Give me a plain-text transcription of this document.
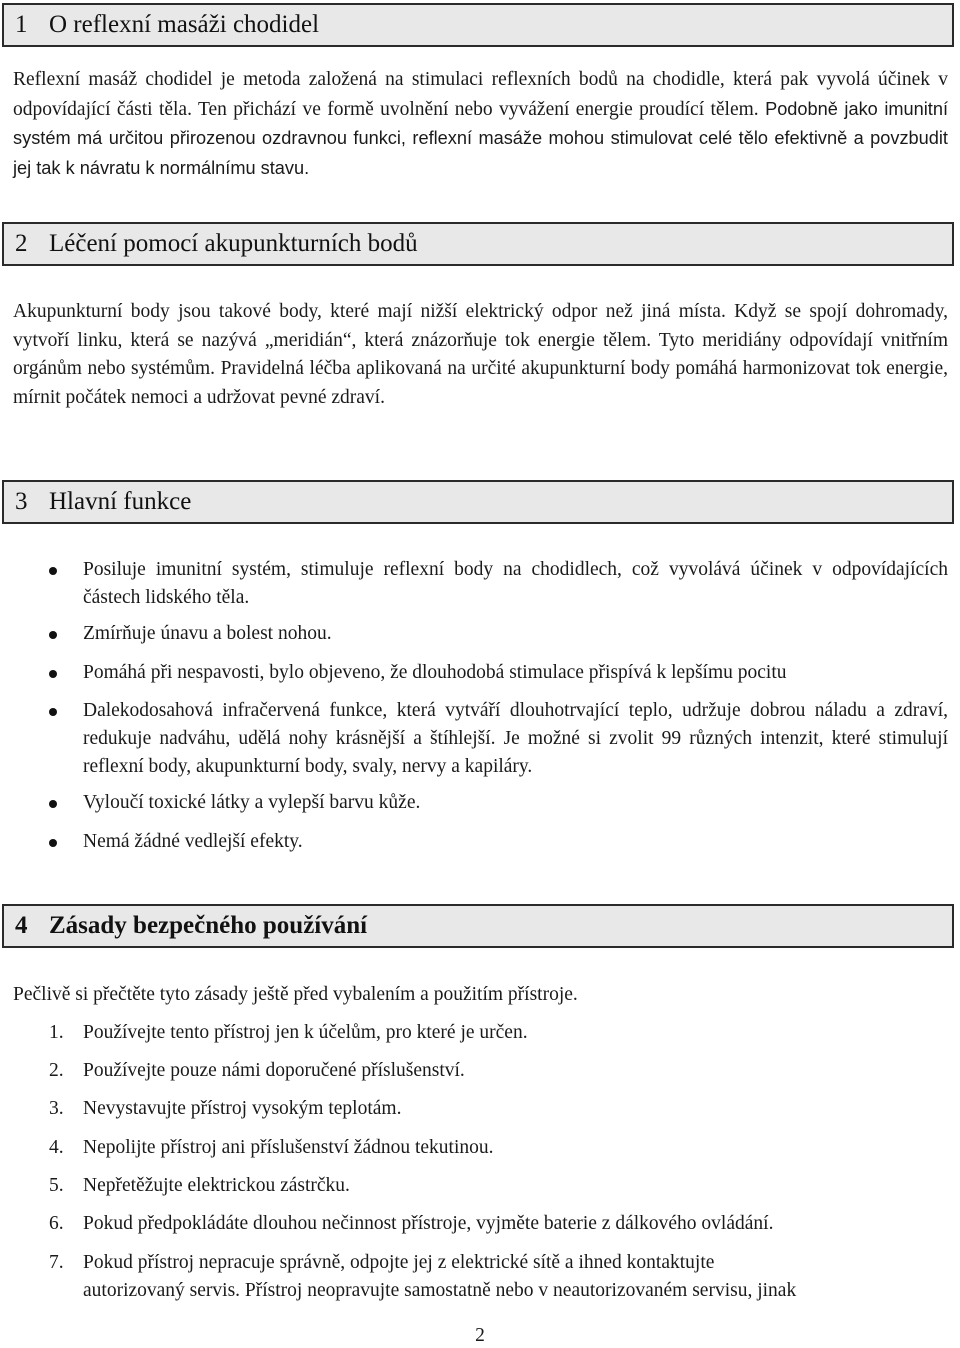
1 O reflexní masáži chodidel
Reflexní masáž chodidel je metoda založená na stimulaci reflexních bodů na chodidle, která pak vyvolá účinek v odpovídající části těla. Ten přichází ve formě uvolnění nebo vyvážení energie proudící tělem. Podobně jako imunitní systém má určitou přirozenou ozdravnou funkci, reflexní masáže mohou stimulovat celé tělo efektivně a povzbudit jej tak k návratu k normálnímu stavu.
2 Léčení pomocí akupunkturních bodů
Akupunkturní body jsou takové body, které mají nižší elektrický odpor než jiná místa. Když se spojí dohromady, vytvoří linku, která se nazývá „meridián“, která znázorňuje tok energie tělem. Tyto meridiány odpovídají vnitřním orgánům nebo systémům. Pravidelná léčba aplikovaná na určité akupunkturní body pomáhá harmonizovat tok energie, mírnit počátek nemoci a udržovat pevné zdraví.
3 Hlavní funkce
Posiluje imunitní systém, stimuluje reflexní body na chodidlech, což vyvolává účinek v odpovídajících částech lidského těla.
Zmírňuje únavu a bolest nohou.
Pomáhá při nespavosti, bylo objeveno, že dlouhodobá stimulace přispívá k lepšímu pocitu
Dalekodosahová infračervená funkce, která vytváří dlouhotrvající teplo, udržuje dobrou náladu a zdraví, redukuje nadváhu, udělá nohy krásnější a štíhlejší. Je možné si zvolit 99 různých intenzit, které stimulují reflexní body, akupunkturní body, svaly, nervy a kapiláry.
Vyloučí toxické látky a vylepší barvu kůže.
Nemá žádné vedlejší efekty.
4 Zásady bezpečného používání
Pečlivě si přečtěte tyto zásady ještě před vybalením a použitím přístroje.
1. Používejte tento přístroj jen k účelům, pro které je určen.
2. Používejte pouze námi doporučené příslušenství.
3. Nevystavujte přístroj vysokým teplotám.
4. Nepolijte přístroj ani příslušenství žádnou tekutinou.
5. Nepřetěžujte elektrickou zástrčku.
6. Pokud předpokládáte dlouhou nečinnost přístroje, vyjměte baterie z dálkového ovládání.
7. Pokud přístroj nepracuje správně, odpojte jej z elektrické sítě a ihned kontaktujte
autorizovaný servis. Přístroj neopravujte samostatně nebo v neautorizovaném servisu, jinak
2
